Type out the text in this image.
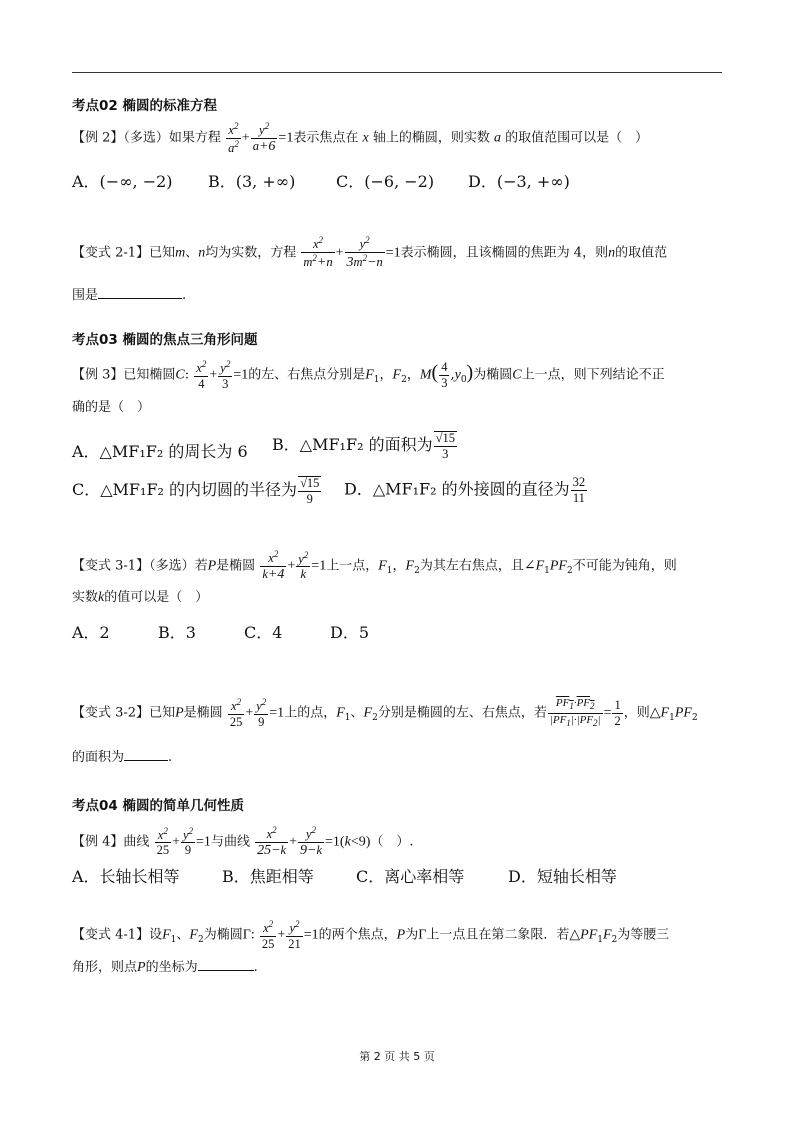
考点02 椭圆的标准方程
【例 2】（多选）如果方程 $\frac{x^2}{a^2} + \frac{y^2}{a+6} =1$表示焦点在 x 轴上的椭圆，则实数 a 的取值范围可以是（　）
A．(−∞, −2) B．(3, +∞)	C．(−6, −2) D．(−3, +∞)
【变式 2-1】已知m、n均为实数，方程 $\frac{x^2}{m^2+n} + \frac{y^2}{3m^2-n} =1$表示椭圆，且该椭圆的焦距为 4，则n的取值范
围是	.
考点03 椭圆的焦点三角形问题
【例 3】已知椭圆C: $\frac{x^2}{4} + \frac{y^2}{3} =1$的左、右焦点分别是$F_1$，$F_2$，$M( \frac{4}{3} ,y_0)$为椭圆C上一点，则下列结论不正
确的是（　）
A．△MF₁F₂ 的周长为 6 B．△MF₁F₂ 的面积为 $\frac{√15}{3}$
C．△MF₁F₂ 的内切圆的半径为 $\frac{√15}{9}$ D．△MF₁F₂ 的外接圆的直径为 $\frac{32}{11}$
【变式 3-1】（多选）若P是椭圆 $\frac{x^2}{k+4} + \frac{y^2}{k} =1$上一点，$F_1$，$F_2$为其左右焦点，且$\angle F_1PF_2$不可能为钝角，则
实数k的值可以是（　）
A．2	B．3	C．4	D．5
【变式 3-2】已知P是椭圆 $\frac{x^2}{25} + \frac{y^2}{9} =1$上的点，$F_1$、$F_2$分别是椭圆的左、右焦点，若 $\frac{PF_1\cdot PF_2}{|PF_1|\cdot|PF_2|} = \frac{1}{2}$ ，则$\triangle F_1PF_2$
的面积为	.
考点04 椭圆的简单几何性质
【例 4】曲线 $\frac{x^2}{25} + \frac{y^2}{9} =1$与曲线 $\frac{x^2}{25-k} + \frac{y^2}{9-k} =1(k<9)$（　）.
A．长轴长相等	B．焦距相等	C．离心率相等	D．短轴长相等
【变式 4-1】设$F_1$、$F_2$为椭圆Γ: $\frac{x^2}{25} + \frac{y^2}{21} =1$的两个焦点，P为Γ上一点且在第二象限．若$\triangle PF_1F_2$为等腰三
角形，则点P的坐标为	.
第 2 页 共 5 页
